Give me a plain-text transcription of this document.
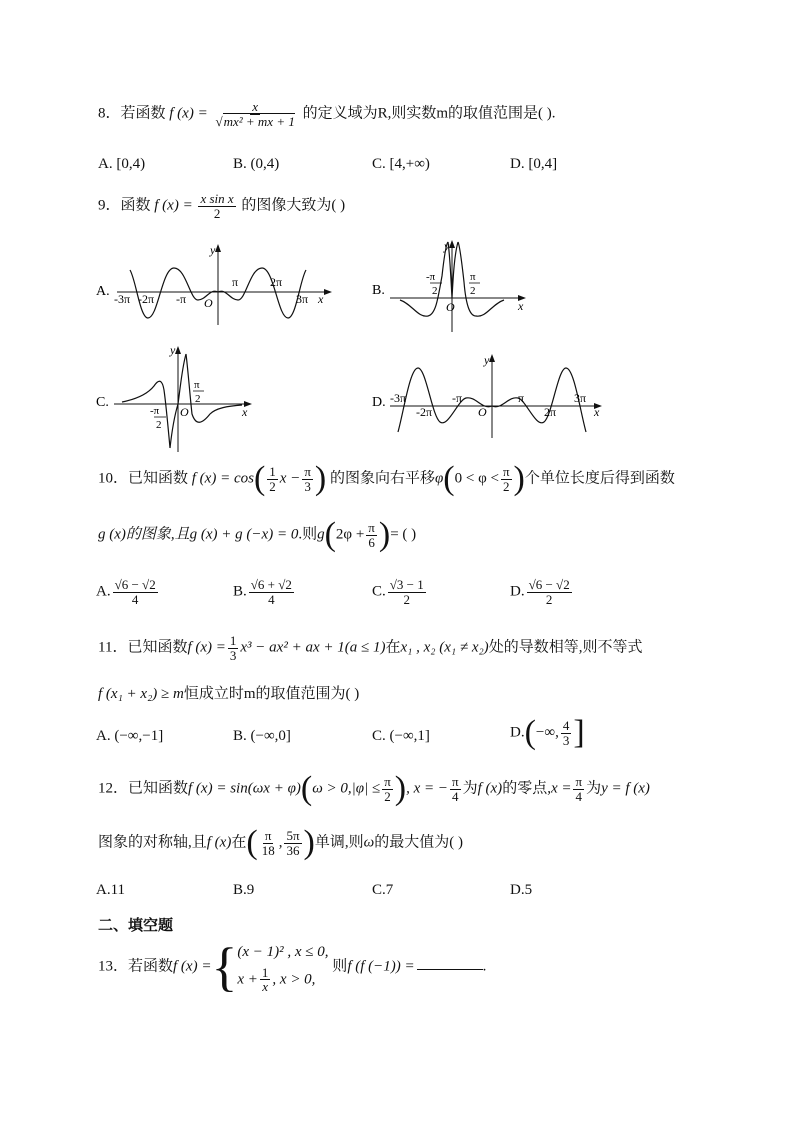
8．若函数 f $(x) = \frac{x}{\text{√mx² + mx + 1}}$ 的定义域为R,则实数m的取值范围是( ).
A. [0,4)	B. (0,4)	C. [4,+∞)	D. [0,4]
9．函数 f $(x) = \frac{\text{x sin x}}{2}$ 的图像大致为( )
A.
y
x
O
π	2π
3π
-3π -2π -π
B.
y
x
O
-π
2
π
2
C.
y
x
O
π
2
-π
2
D.
y
x
O
-3π
-2π
-π	π
2π
3π
10．已知函数 f $(x) = \cos( \frac{1}{2}$ $x - \frac{\pi}{3}$ ) 的图象向右平移$\varphi(0 < \varphi < \frac{\pi}{2}$ )个单位长度后得到函数
g (x)的图象,且g (x) + g (−x) = 0.则$g(2\varphi + \frac{\pi}{6}$ )= ( )
A. $\frac{√6 - √2}{4}$	B. $\frac{√6 + √2}{4}$	C. $\frac{√3 - 1}{2}$	D. $\frac{√6 - √2}{2}$
11．已知函数f $(x) = \frac{1}{3} x^3 - ax^2$ + ax + 1(a ≤ 1)在x₁ , x₂ (x₁ ≠ x₂)处的导数相等,则不等式
f (x₁ + x₂) ≥ m恒成立时m的取值范围为( )
A. (−∞,−1]	B. (−∞,0]	C. (−∞,1]	D.(−∞, $\frac{4}{3}$ ]
12．已知函数f $(x) = \sin(\omega x + \varphi)(\omega > 0,|\varphi| \le \frac{\pi}{2}$ ), x = − $\frac{\pi}{4}$ 为f (x)的零点$,x = \frac{\pi}{4}$ 为y = f (x)
图象的对称轴,且f (x)在( $\frac{\pi}{18}$ , $\frac{5\pi}{36}$ )单调,则ω的最大值为( )
A.11	B.9	C.7	D.5
二、填空题
13．若函数f (x) ={ (x − 1)² , x ≤ 0,
$x + \frac{1}{x}$ , x > 0,
则f (f (−1)) =	.
